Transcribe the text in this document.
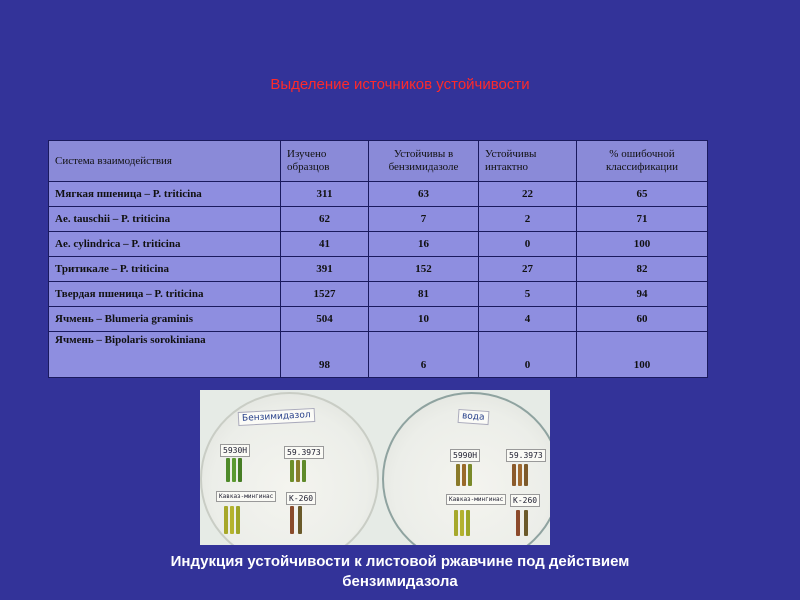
Выделение источников устойчивости
Система взаимодействия	Изучено образцов	Устойчивы в бензимидазоле	Устойчивы интактно	% ошибочной классификации
Мягкая пшеница – P. triticina	311	63	22	65
Ae. tauschii – P. triticina	62	7	2	71
Ae. cylindrica – P. triticina	41	16	0	100
Тритикале – P. triticina	391	152	27	82
Твердая пшеница – P. triticina	1527	81	5	94
Ячмень – Blumeria graminis	504	10	4	60
Ячмень – Bipolaris sorokiniana	98	6	0	100
Бензимидазол
5930Н	59.3973
Кавказ-мингинас	К-260
вода
5990Н	59.3973
Кавказ-мингинас	К-260
Индукция устойчивости к листовой ржавчине под действием
бензимидазола
